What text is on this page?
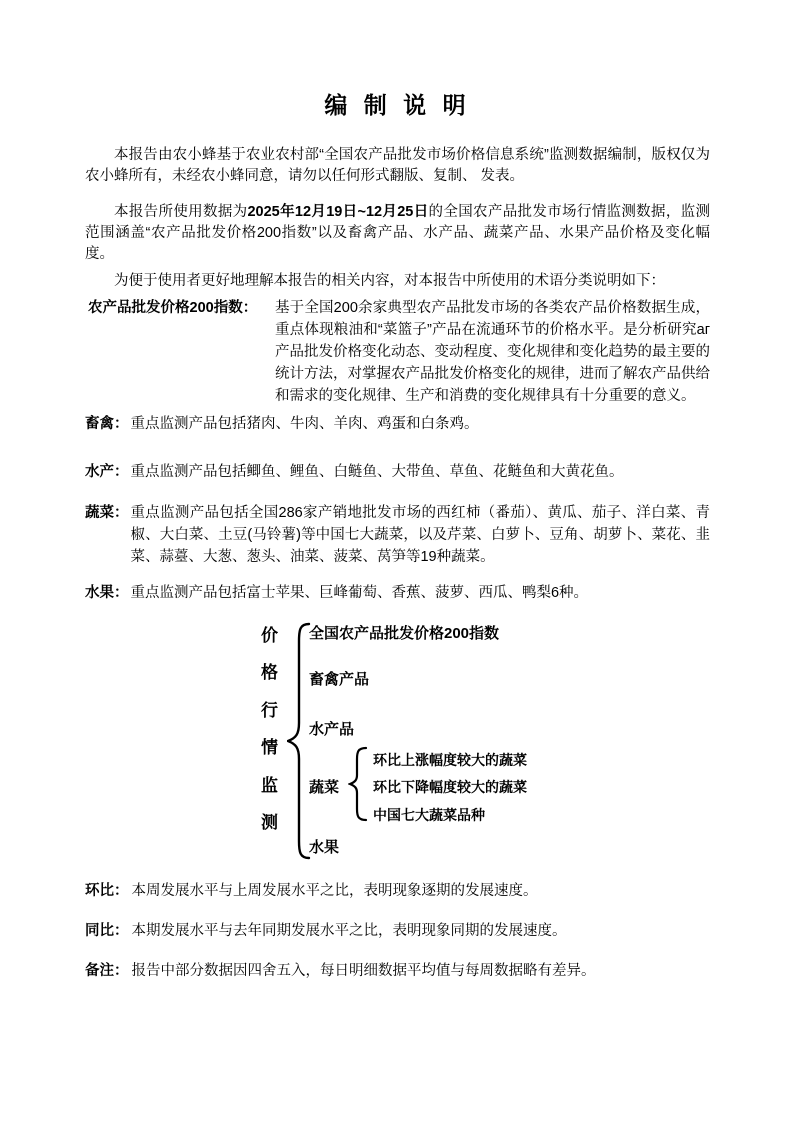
编 制 说 明

本报告由农小蜂基于农业农村部“全国农产品批发市场价格信息系统”监测数据编制，版权仅为农小蜂所有，未经农小蜂同意，请勿以任何形式翻版、复制、 发表。

本报告所使用数据为2025年12月19日~12月25日的全国农产品批发市场行情监测数据，监测范围涵盖“农产品批发价格200指数”以及畜禽产品、水产品、蔬菜产品、水果产品价格及变化幅度。

为便于使用者更好地理解本报告的相关内容，对本报告中所使用的术语分类说明如下：

农产品批发价格200指数：	基于全国200余家典型农产品批发市场的各类农产品价格数据生成，重点体现粮油和“菜篮子”产品在流通环节的价格水平。是分析研究аг 产品批发价格变化动态、变动程度、变化规律和变化趋势的最主要的统计方法，对掌握农产品批发价格变化的规律，进而了解农产品供给和需求的变化规律、生产和消费的变化规律具有十分重要的意义。
畜禽： 重点监测产品包括猪肉、牛肉、羊肉、鸡蛋和白条鸡。
水产： 重点监测产品包括鲫鱼、鲤鱼、白鲢鱼、大带鱼、草鱼、花鲢鱼和大黄花鱼。
蔬菜： 重点监测产品包括全国286家产销地批发市场的西红柿（番茄）、黄瓜、茄子、洋白菜、青椒、大白菜、土豆(马铃薯)等中国七大蔬菜，以及芹菜、白萝卜、豆角、胡萝卜、菜花、韭菜、蒜薹、大葱、葱头、油菜、菠菜、莴笋等19种蔬菜。
水果： 重点监测产品包括富士苹果、巨峰葡萄、香蕉、菠萝、西瓜、鸭梨6种。
价
格
行
情
监
测
全国农产品批发价格200指数
畜禽产品
水产品
蔬菜
水果
环比上涨幅度较大的蔬菜
环比下降幅度较大的蔬菜
中国七大蔬菜品种
环比： 本周发展水平与上周发展水平之比，表明现象逐期的发展速度。
同比： 本期发展水平与去年同期发展水平之比，表明现象同期的发展速度。
备注： 报告中部分数据因四舍五入，每日明细数据平均值与每周数据略有差异。
